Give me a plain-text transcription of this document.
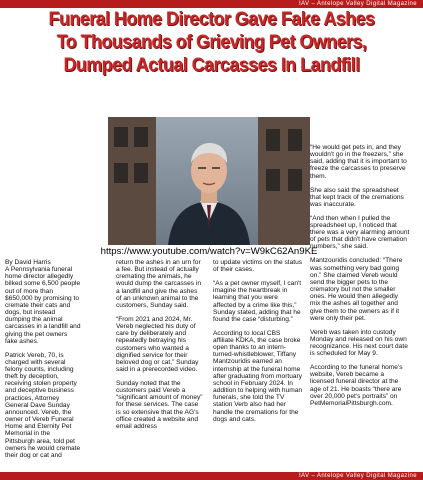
IAV – Antelope Valley Digital Magazine
Funeral Home Director Gave Fake Ashes
To Thousands of Grieving Pet Owners,
Dumped Actual Carcasses In Landfill
https://www.youtube.com/watch?v=W9kC62An9KE

By David Harris
A Pennsylvania funeral home director allegedly bilked some 6,500 people out of more than $650,000 by promising to cremate their cats and dogs, but instead dumping the animal carcasses in a landfill and giving the pet owners fake ashes.

Patrick Vereb, 70, is charged with several felony counts, including theft by deception, receiving stolen property and deceptive business practices, Attorney General Dave Sunday announced. Vereb, the owner of Vereb Funeral Home and Eternity Pet Memorial in the Pittsburgh area, told pet owners he would cremate their dog or cat and

return the ashes in an urn for a fee. But instead of actually cremating the animals, he would dump the carcasses in a landfill and give the ashes of an unknown animal to the customers, Sunday said.

“From 2021 and 2024, Mr. Vereb neglected his duty of care by deliberately and repeatedly betraying his customers who wanted a dignified service for their beloved dog or cat,” Sunday said in a prerecorded video.

Sunday noted that the customers paid Vereb a “significant amount of money” for these services. The case is so extensive that the AG's office created a website and email address

to update victims on the status of their cases.

“As a pet owner myself, I can't imagine the heartbreak in learning that you were affected by a crime like this,” Sunday stated, adding that he found the case “disturbing.”

According to local CBS affiliate KDKA, the case broke open thanks to an intern-turned-whistleblower, Tiffany Mantzouridis earned an internship at the funeral home after graduating from mortuary school in February 2024. In addition to helping with human funerals, she told the TV station Verb also had her handle the cremations for the dogs and cats.

“He would get pets in, and they wouldn't go in the freezers,” she said, adding that it is important to freeze the carcasses to preserve them.

She also said the spreadsheet that kept track of the cremations was inaccurate.

“And then when I pulled the spreadsheet up, I noticed that there was a very alarming amount of pets that didn't have cremation numbers,” she said.

Mantzouridis concluded: “There was something very bad going on.” She claimed Vereb would send the bigger pets to the crematory but not the smaller ones. He would then allegedly mix the ashes all together and give them to the owners as if it were only their pet.

Vereb was taken into custody Monday and released on his own recognizance. His next court date is scheduled for May 9.

According to the funeral home's website, Vereb became a licensed funeral director at the age of 21. He boasts “there are over 20,000 pet's portraits” on PetMemorialPittsburgh.com.

IAV – Antelope Valley Digital Magazine
